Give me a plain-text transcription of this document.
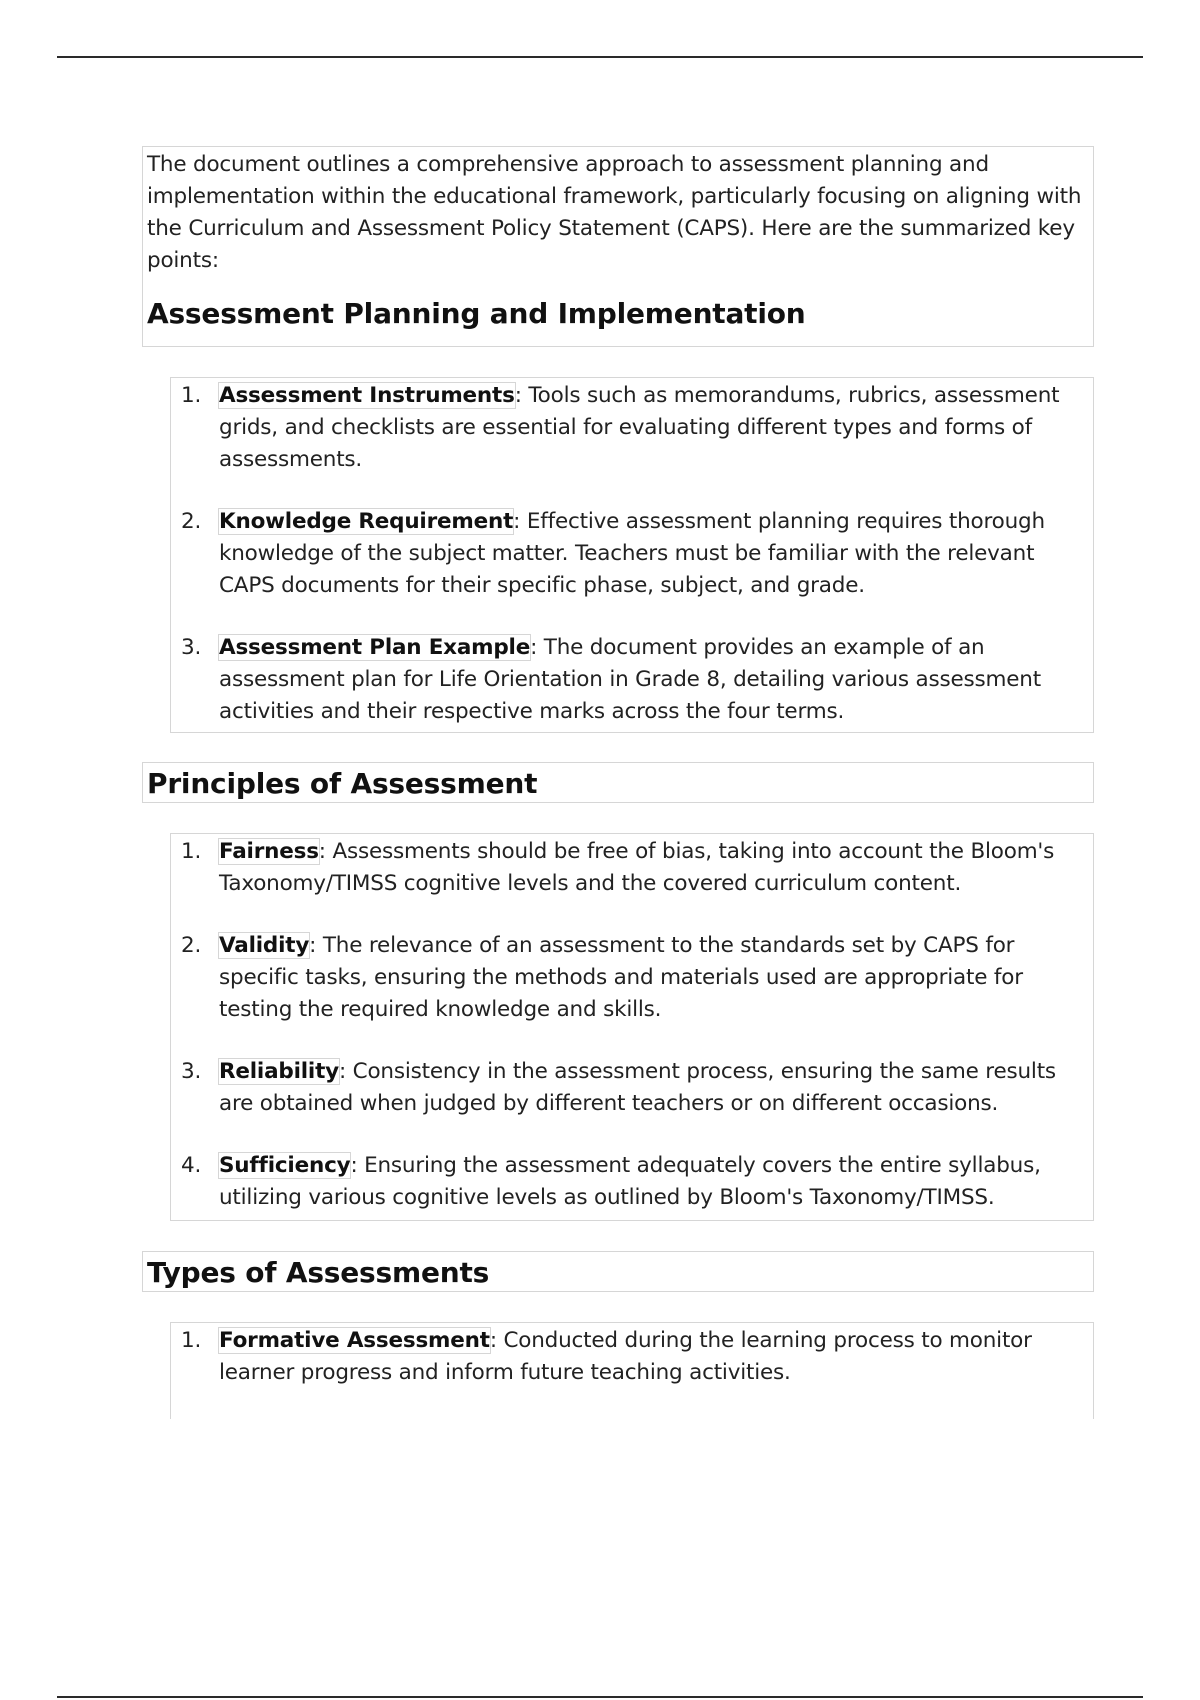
The document outlines a comprehensive approach to assessment planning and implementation within the educational framework, particularly focusing on aligning with the Curriculum and Assessment Policy Statement (CAPS). Here are the summarized key points:

Assessment Planning and Implementation
1. Assessment Instruments: Tools such as memorandums, rubrics, assessment grids, and checklists are essential for evaluating different types and forms of assessments.
2. Knowledge Requirement: Effective assessment planning requires thorough knowledge of the subject matter. Teachers must be familiar with the relevant CAPS documents for their specific phase, subject, and grade.
3. Assessment Plan Example: The document provides an example of an assessment plan for Life Orientation in Grade 8, detailing various assessment activities and their respective marks across the four terms.
Principles of Assessment
1. Fairness: Assessments should be free of bias, taking into account the Bloom's Taxonomy/TIMSS cognitive levels and the covered curriculum content.
2. Validity: The relevance of an assessment to the standards set by CAPS for specific tasks, ensuring the methods and materials used are appropriate for testing the required knowledge and skills.
3. Reliability: Consistency in the assessment process, ensuring the same results are obtained when judged by different teachers or on different occasions.
4. Sufficiency: Ensuring the assessment adequately covers the entire syllabus, utilizing various cognitive levels as outlined by Bloom's Taxonomy/TIMSS.
Types of Assessments
1. Formative Assessment: Conducted during the learning process to monitor learner progress and inform future teaching activities.
